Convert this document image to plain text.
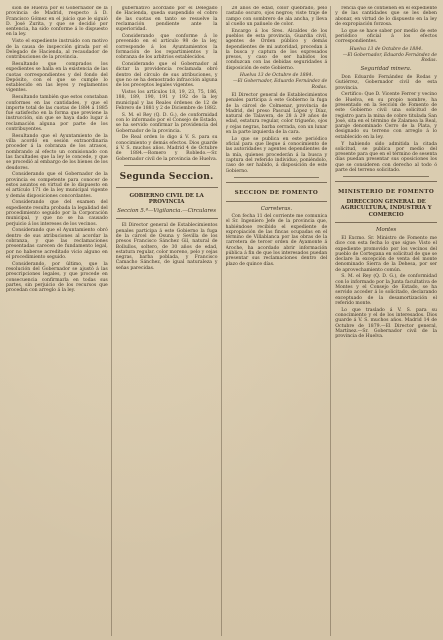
sión de Huelva por el Gobernador de la provincia de Madrid, respecto á D. Francisco Gómez en el juicio que le siguió D. José Zurita, y que se decidió por sentencia, ha sido conforme á lo dispuesto en la ley.

Visto el expediente instruido con motivo de la causa de inspección girada por el Delegado de Hacienda, al recaudador de contribuciones de la provincia.

Resultando que comprados los expedientes se halla en la existencia de las cuotas correspondientes y del fondo del Depósito, con el que se cumple lo establecido en las leyes y reglamentos vigentes.

Resultando también que estos constaban conformes en las cantidades, y que el importe total de las cuotas de 1884 á 1885 fué satisfecho en la forma que previene la instrucción, sin que se haya dado lugar á reclamación alguna por parte de los contribuyentes.

Resultando que el Ayuntamiento de la villa acordó en sesión extraordinaria proceder á la cobranza de los atrasos, nombrando al efecto un comisionado con las facultades que la ley le concede, y que se procedió al embargo de los bienes de los deudores.

Considerando que el Gobernador de la provincia es competente para conocer de estos asuntos en virtud de lo dispuesto en el artículo 171 de la ley municipal vigente y demás disposiciones concordantes.

Considerando que del examen del expediente resulta probada la legalidad del procedimiento seguido por la Corporación municipal, y que no se ha causado perjuicio á los intereses de los vecinos.

Considerando que el Ayuntamiento obró dentro de sus atribuciones al acordar la cobranza, y que las reclamaciones presentadas carecen de fundamento legal, por no haberse acreditado vicio alguno en el procedimiento seguido.

Considerando, por último, que la resolución del Gobernador se ajustó á las prescripciones legales, y que procede en consecuencia confirmarla en todas sus partes, sin perjuicio de los recursos que procedan con arreglo á la ley.

gubernativo acordado por el Delegado de Hacienda, queda suspendido el cobro de las cuotas en tanto se resuelve la reclamación pendiente ante la superioridad.

Considerando que conforme á lo prevenido en el artículo 98 de la ley, corresponde á los Ayuntamientos la formación de los repartimientos y la cobranza de los arbitrios establecidos.

Considerando que el Gobernador al dictar la providencia reclamada obró dentro del círculo de sus atribuciones, y que no se ha demostrado infracción alguna de los preceptos legales vigentes.

Vistos los artículos 18, 19, 23, 75, 186, 188, 189, 190, 191 y 192 de la ley municipal y las Reales órdenes de 12 de Febrero de 1881 y 2 de Diciembre de 1882.

S. M. el Rey (Q. D. G.), de conformidad con lo informado por el Consejo de Estado, se ha servido confirmar la providencia del Gobernador de la provincia.

De Real orden lo digo á V. S. para su conocimiento y demás efectos. Dios guarde á V. S. muchos años. Madrid 4 de Octubre de 1884.—Romero y Robledo.—Sr. Gobernador civil de la provincia de Huelva.

Segunda Seccion.
GOBIERNO CIVIL DE LA PROVINCIA
Seccion 5.ª—Vigilancia.—Circulares

El Director general de Establecimientos penales participa á este Gobierno la fuga de la cárcel de Osuna y Sevilla de los presos Francisco Sánchez Gil, natural de Bollullos, soltero, de 30 años de edad, estatura regular, color moreno, pelo y cejas negras, barba poblada, y Francisco Camacho Sánchez, de igual naturaleza y señas parecidas.

28 años de edad, color quebrado, pelo castaño oscuro, ojos negros; viste traje de campo con sombrero de ala ancha, y lleva al cuello un pañuelo de color.

Encargo á los Sres. Alcaldes de los pueblos de esta provincia, Guardia civil, agentes de Orden público y demás dependientes de mi autoridad, procedan á la busca y captura de los expresados presos, y caso de ser habidos los conduzcan con las debidas seguridades á disposición de este Gobierno.

Huelva 13 de Octubre de 1884.
—El Gobernador, Eduardo Fernández de Rodas.

El Director general de Establecimientos penales participa á este Gobierno la fuga de la cárcel de Colmenar, provincia de Madrid, del preso Pascual López y Díaz, natural de Talavera, de 28 á 29 años de edad, estatura regular, color trigueño, ojos y cejas negras, barba cerrada, con un lunar en la parte izquierda de la cara.

Lo que se publica en este periódico oficial para que llegue á conocimiento de las autoridades y agentes dependientes de la mía, quienes procederán á la busca y captura del referido individuo, poniéndolo, caso de ser habido, á disposición de este Gobierno.

SECCION DE FOMENTO
Carreteras.

Con fecha 11 del corriente me comunica el Sr. Ingeniero Jefe de la provincia que, habiéndose recibido el expediente de expropiación de las fincas ocupadas en el término de Villablanca por las obras de la carretera de tercer orden de Ayamonte á Aroche, ha acordado abrir información pública á fin de que los interesados puedan presentar sus reclamaciones dentro del plazo de quince días.

rencia que se contienen en el expediente y de las cantidades que se les deben abonar, en virtud de lo dispuesto en la ley de expropiación forzosa.

Lo que se hace saber por medio de este periódico oficial á los efectos correspondientes.

Huelva 13 de Octubre de 1884.
—El Gobernador, Eduardo Fernández de Rodas.
Seguridad minera.

Don Eduardo Fernández de Rodas y Gutiérrez, Gobernador civil de esta provincia.

Certifico: Que D. Vicente Ferrer y vecino de Huelva, en su propio nombre, ha presentado en la Sección de Fomento de este Gobierno civil una solicitud de registro para la mina de cobre titulada San José, sita en el término de Zalamea la Real, paraje denominado Cerro de la Plata, y designado su terreno con arreglo á lo establecido en la ley.

Y habiendo sido admitida la citada solicitud, se publica por medio del presente para que en el término de sesenta días puedan presentar sus oposiciones los que se consideren con derecho al todo ó parte del terreno solicitado.

MINISTERIO DE FOMENTO
DIRECCION GENERAL DE AGRICULTURA, INDUSTRIA Y COMERCIO
Montes

El Excmo. Sr. Ministro de Fomento me dice con esta fecha lo que sigue: Visto el expediente promovido por los vecinos del pueblo de Cortegana en solicitud de que se declare la excepción de venta del monte denominado Sierra de la Dehesa, por ser de aprovechamiento común.

S. M. el Rey (Q. D. G.), de conformidad con lo informado por la Junta facultativa de Montes y el Consejo de Estado, se ha servido acceder á lo solicitado, declarando exceptuado de la desamortización el referido monte.

Lo que traslado á V. S. para su conocimiento y el de los interesados. Dios guarde á V. S. muchos años. Madrid 14 de Octubre de 1879.—El Director general, Martínez.—Sr. Gobernador civil de la provincia de Huelva.
